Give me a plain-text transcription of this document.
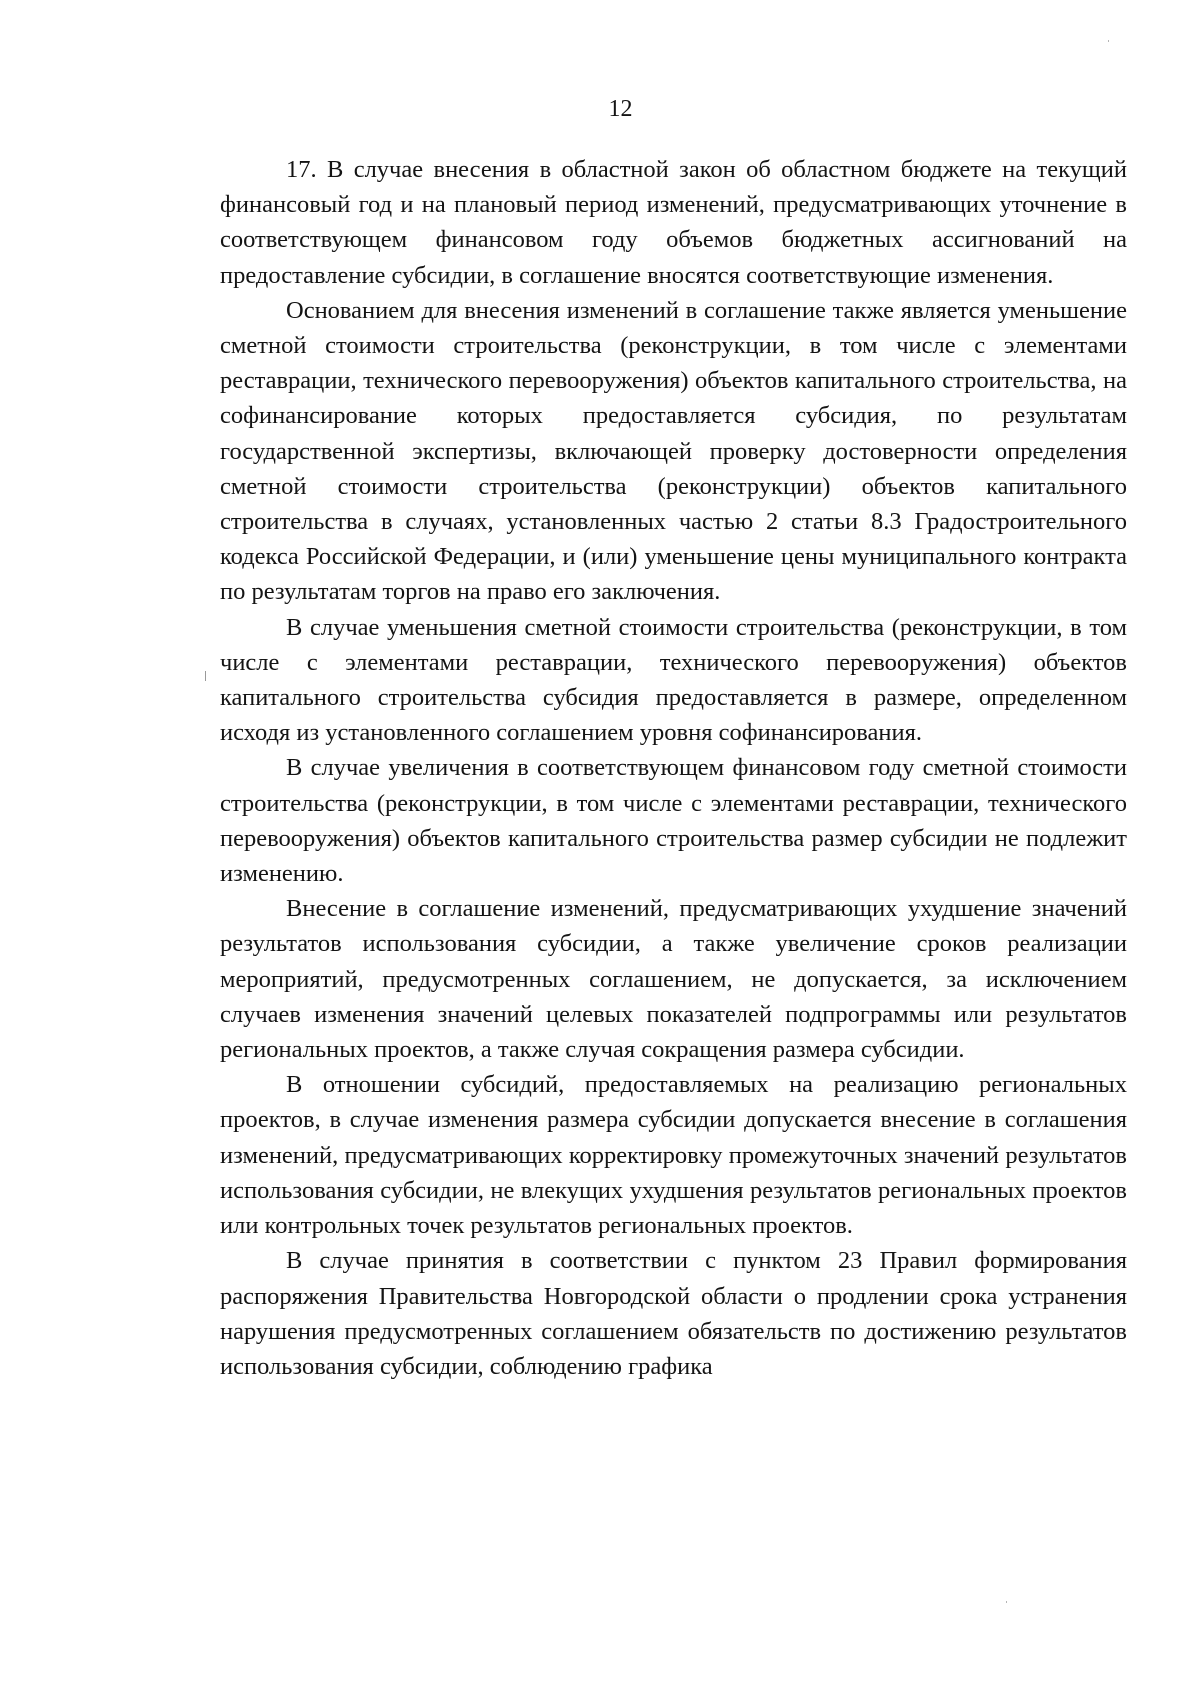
12

17. В случае внесения в областной закон об областном бюджете на текущий финансовый год и на плановый период изменений, предусматривающих уточнение в соответствующем финансовом году объемов бюджетных ассигнований на предоставление субсидии, в соглашение вносятся соответствующие изменения.

Основанием для внесения изменений в соглашение также является уменьшение сметной стоимости строительства (реконструкции, в том числе с элементами реставрации, технического перевооружения) объектов капитального строительства, на софинансирование которых предоставляется субсидия, по результатам государственной экспертизы, включающей проверку достоверности определения сметной стоимости строительства (реконструкции) объектов капитального строительства в случаях, установленных частью 2 статьи 8.3 Градостроительного кодекса Российской Федерации, и (или) уменьшение цены муниципального контракта по результатам торгов на право его заключения.

В случае уменьшения сметной стоимости строительства (реконструкции, в том числе с элементами реставрации, технического перевооружения) объектов капитального строительства субсидия предоставляется в размере, определенном исходя из установленного соглашением уровня софинансирования.

В случае увеличения в соответствующем финансовом году сметной стоимости строительства (реконструкции, в том числе с элементами реставрации, технического перевооружения) объектов капитального строительства размер субсидии не подлежит изменению.

Внесение в соглашение изменений, предусматривающих ухудшение значений результатов использования субсидии, а также увеличение сроков реализации мероприятий, предусмотренных соглашением, не допускается, за исключением случаев изменения значений целевых показателей подпрограммы или результатов региональных проектов, а также случая сокращения размера субсидии.

В отношении субсидий, предоставляемых на реализацию региональных проектов, в случае изменения размера субсидии допускается внесение в соглашения изменений, предусматривающих корректировку промежуточных значений результатов использования субсидии, не влекущих ухудшения результатов региональных проектов или контрольных точек результатов региональных проектов.

В случае принятия в соответствии с пунктом 23 Правил формирования распоряжения Правительства Новгородской области о продлении срока устранения нарушения предусмотренных соглашением обязательств по достижению результатов использования субсидии, соблюдению графика
